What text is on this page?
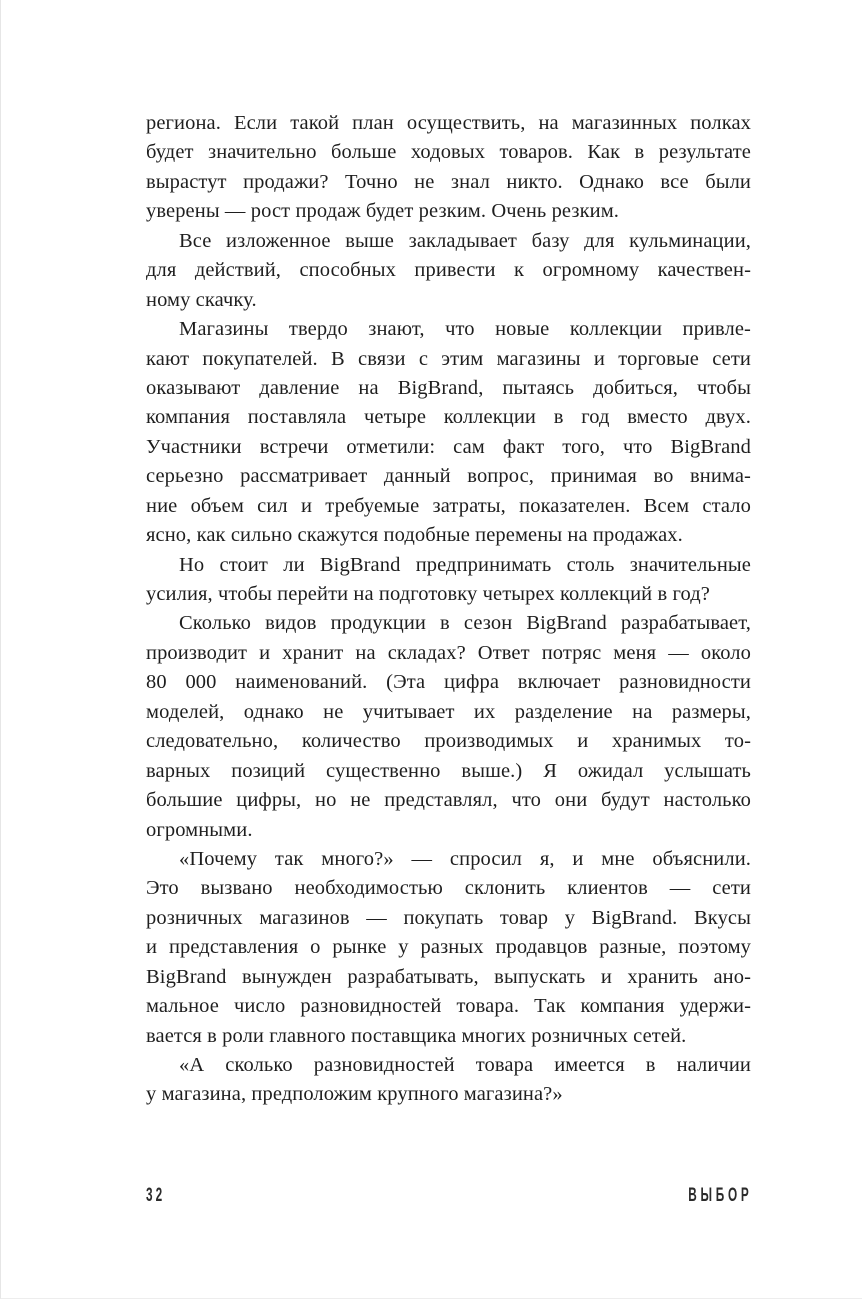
региона. Если такой план осуществить, на магазинных полках
будет значительно больше ходовых товаров. Как в результате
вырастут продажи? Точно не знал никто. Однако все были
уверены — рост продаж будет резким. Очень резким.
Все изложенное выше закладывает базу для кульминации,
для действий, способных привести к огромному качествен-
ному скачку.
Магазины твердо знают, что новые коллекции привле-
кают покупателей. В связи с этим магазины и торговые сети
оказывают давление на BigBrand, пытаясь добиться, чтобы
компания поставляла четыре коллекции в год вместо двух.
Участники встречи отметили: сам факт того, что BigBrand
серьезно рассматривает данный вопрос, принимая во внима-
ние объем сил и требуемые затраты, показателен. Всем стало
ясно, как сильно скажутся подобные перемены на продажах.
Но стоит ли BigBrand предпринимать столь значительные
усилия, чтобы перейти на подготовку четырех коллекций в год?
Сколько видов продукции в сезон BigBrand разрабатывает,
производит и хранит на складах? Ответ потряс меня — около
80 000 наименований. (Эта цифра включает разновидности
моделей, однако не учитывает их разделение на размеры,
следовательно, количество производимых и хранимых то-
варных позиций существенно выше.) Я ожидал услышать
большие цифры, но не представлял, что они будут настолько
огромными.
«Почему так много?» — спросил я, и мне объяснили.
Это вызвано необходимостью склонить клиентов — сети
розничных магазинов — покупать товар у BigBrand. Вкусы
и представления о рынке у разных продавцов разные, поэтому
BigBrand вынужден разрабатывать, выпускать и хранить ано-
мальное число разновидностей товара. Так компания удержи-
вается в роли главного поставщика многих розничных сетей.
«А сколько разновидностей товара имеется в наличии
у магазина, предположим крупного магазина?»
32	ВЫБОР
